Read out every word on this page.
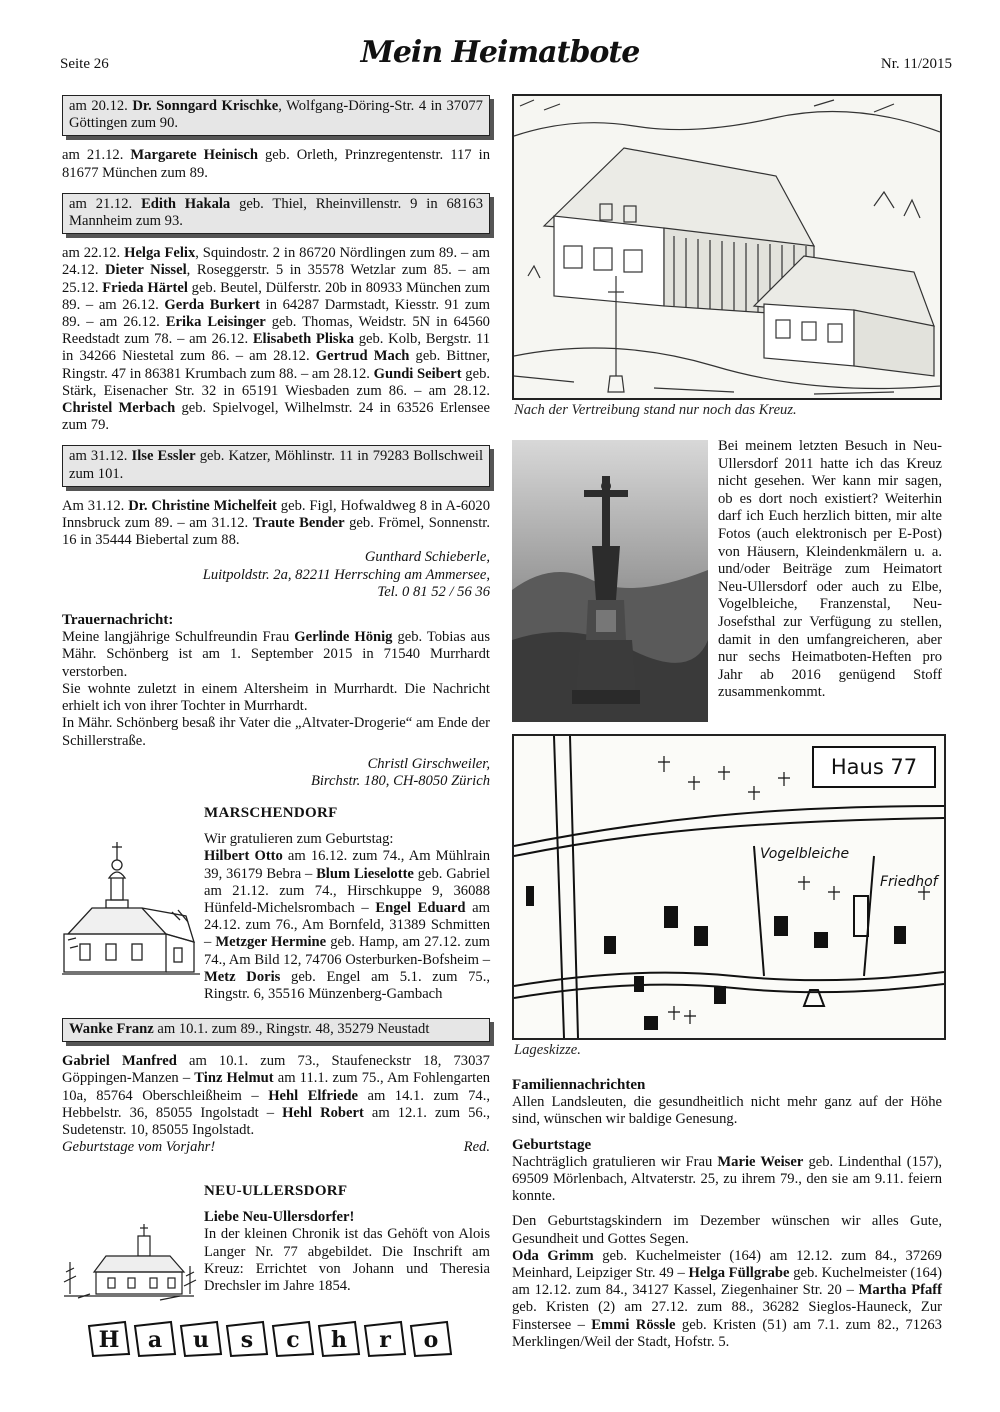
Seite 26	Mein Heimatbote	Nr. 11/2015
am 20.12. Dr. Sonngard Krischke, Wolfgang-Döring-Str. 4 in 37077 Göttingen zum 90.

am 21.12. Margarete Heinisch geb. Orleth, Prinzregentenstr. 117 in 81677 München zum 89.

am 21.12. Edith Hakala geb. Thiel, Rheinvillenstr. 9 in 68163 Mannheim zum 93.

am 22.12. Helga Felix, Squindostr. 2 in 86720 Nördlingen zum 89. – am 24.12. Dieter Nissel, Roseggerstr. 5 in 35578 Wetzlar zum 85. – am 25.12. Frieda Härtel geb. Beutel, Dülferstr. 20b in 80933 München zum 89. – am 26.12. Gerda Burkert in 64287 Darmstadt, Kiesstr. 91 zum 89. – am 26.12. Erika Leisinger geb. Thomas, Weidstr. 5N in 64560 Reedstadt zum 78. – am 26.12. Elisabeth Pliska geb. Kolb, Bergstr. 11 in 34266 Niestetal zum 86. – am 28.12. Gertrud Mach geb. Bittner, Ringstr. 47 in 86381 Krumbach zum 88. – am 28.12. Gundi Seibert geb. Stärk, Eisenacher Str. 32 in 65191 Wiesbaden zum 86. – am 28.12. Christel Merbach geb. Spielvogel, Wilhelmstr. 24 in 63526 Erlensee zum 79.

am 31.12. Ilse Essler geb. Katzer, Möhlinstr. 11 in 79283 Bollschweil zum 101.

Am 31.12. Dr. Christine Michelfeit geb. Figl, Hofwaldweg 8 in A-6020 Innsbruck zum 89. – am 31.12. Traute Bender geb. Frömel, Sonnenstr. 16 in 35444 Biebertal zum 88.

Gunthard Schieberle,
Luitpoldstr. 2a, 82211 Herrsching am Ammersee,
Tel. 0 81 52 / 56 36
Trauernachricht:

Meine langjährige Schulfreundin Frau Gerlinde Hönig geb. Tobias aus Mähr. Schönberg ist am 1. September 2015 in 71540 Murrhardt verstorben.

Sie wohnte zuletzt in einem Altersheim in Murrhardt. Die Nachricht erhielt ich von ihrer Tochter in Murrhardt.

In Mähr. Schönberg besaß ihr Vater die „Altvater-Drogerie“ am Ende der Schillerstraße.

Christl Girschweiler,
Birchstr. 180, CH-8050 Zürich
MARSCHENDORF
Wir gratulieren zum Geburtstag:

Hilbert Otto am 16.12. zum 74., Am Mühlrain 39, 36179 Bebra – Blum Lieselotte geb. Gabriel am 21.12. zum 74., Hirschkuppe 9, 36088 Hünfeld-Michelsrombach – Engel Eduard am 24.12. zum 76., Am Bornfeld, 31389 Schmitten – Metzger Hermine geb. Hamp, am 27.12. zum 74., Am Bild 12, 74706 Osterburken-Bofsheim – Metz Doris geb. Engel am 5.1. zum 75., Ringstr. 6, 35516 Münzenberg-Gambach

Wanke Franz am 10.1. zum 89., Ringstr. 48, 35279 Neustadt

Gabriel Manfred am 10.1. zum 73., Staufeneckstr 18, 73037 Göppingen-Manzen – Tinz Helmut am 11.1. zum 75., Am Fohlengarten 10a, 85764 Oberschleißheim – Hehl Elfriede am 14.1. zum 74., Hebbelstr. 36, 85055 Ingolstadt – Hehl Robert am 12.1. zum 56., Sudetenstr. 10, 85055 Ingolstadt.

Geburtstage vom Vorjahr!	Red.
NEU-ULLERSDORF
Liebe Neu-Ullersdorfer!

In der kleinen Chronik ist das Gehöft von Alois Langer Nr. 77 abgebildet. Die Inschrift am Kreuz: Errichtet von Johann und Theresia Drechsler im Jahre 1854.

H a u s c h r o
Nach der Vertreibung stand nur noch das Kreuz.
Bei meinem letzten Besuch in Neu-Ullersdorf 2011 hatte ich das Kreuz nicht gesehen. Wer kann mir sagen, ob es dort noch existiert? Weiterhin darf ich Euch herzlich bitten, mir alte Fotos (auch elektronisch per E-Post) von Häusern, Kleindenkmälern u. a. und/oder Beiträge zum Heimatort Neu-Ullersdorf oder auch zu Elbe, Vogelbleiche, Franzenstal, Neu-Josefsthal zur Verfügung zu stellen, damit in den umfangreicheren, aber nur sechs Heimatboten-Heften pro Jahr ab 2016 genügend Stoff zusammenkommt.
Vogelbleiche
Friedhof
Haus 77
Lageskizze.
Familiennachrichten

Allen Landsleuten, die gesundheitlich nicht mehr ganz auf der Höhe sind, wünschen wir baldige Genesung.

Geburtstage

Nachträglich gratulieren wir Frau Marie Weiser geb. Lindenthal (157), 69509 Mörlenbach, Altvaterstr. 25, zu ihrem 79., den sie am 9.11. feiern konnte.

Den Geburtstagskindern im Dezember wünschen wir alles Gute, Gesundheit und Gottes Segen.

Oda Grimm geb. Kuchelmeister (164) am 12.12. zum 84., 37269 Meinhard, Leipziger Str. 49 – Helga Füllgrabe geb. Kuchelmeister (164) am 12.12. zum 84., 34127 Kassel, Ziegenhainer Str. 20 – Martha Pfaff geb. Kristen (2) am 27.12. zum 88., 36282 Sieglos-Hauneck, Zur Finstersee – Emmi Rössle geb. Kristen (51) am 7.1. zum 82., 71263 Merklingen/Weil der Stadt, Hofstr. 5.
